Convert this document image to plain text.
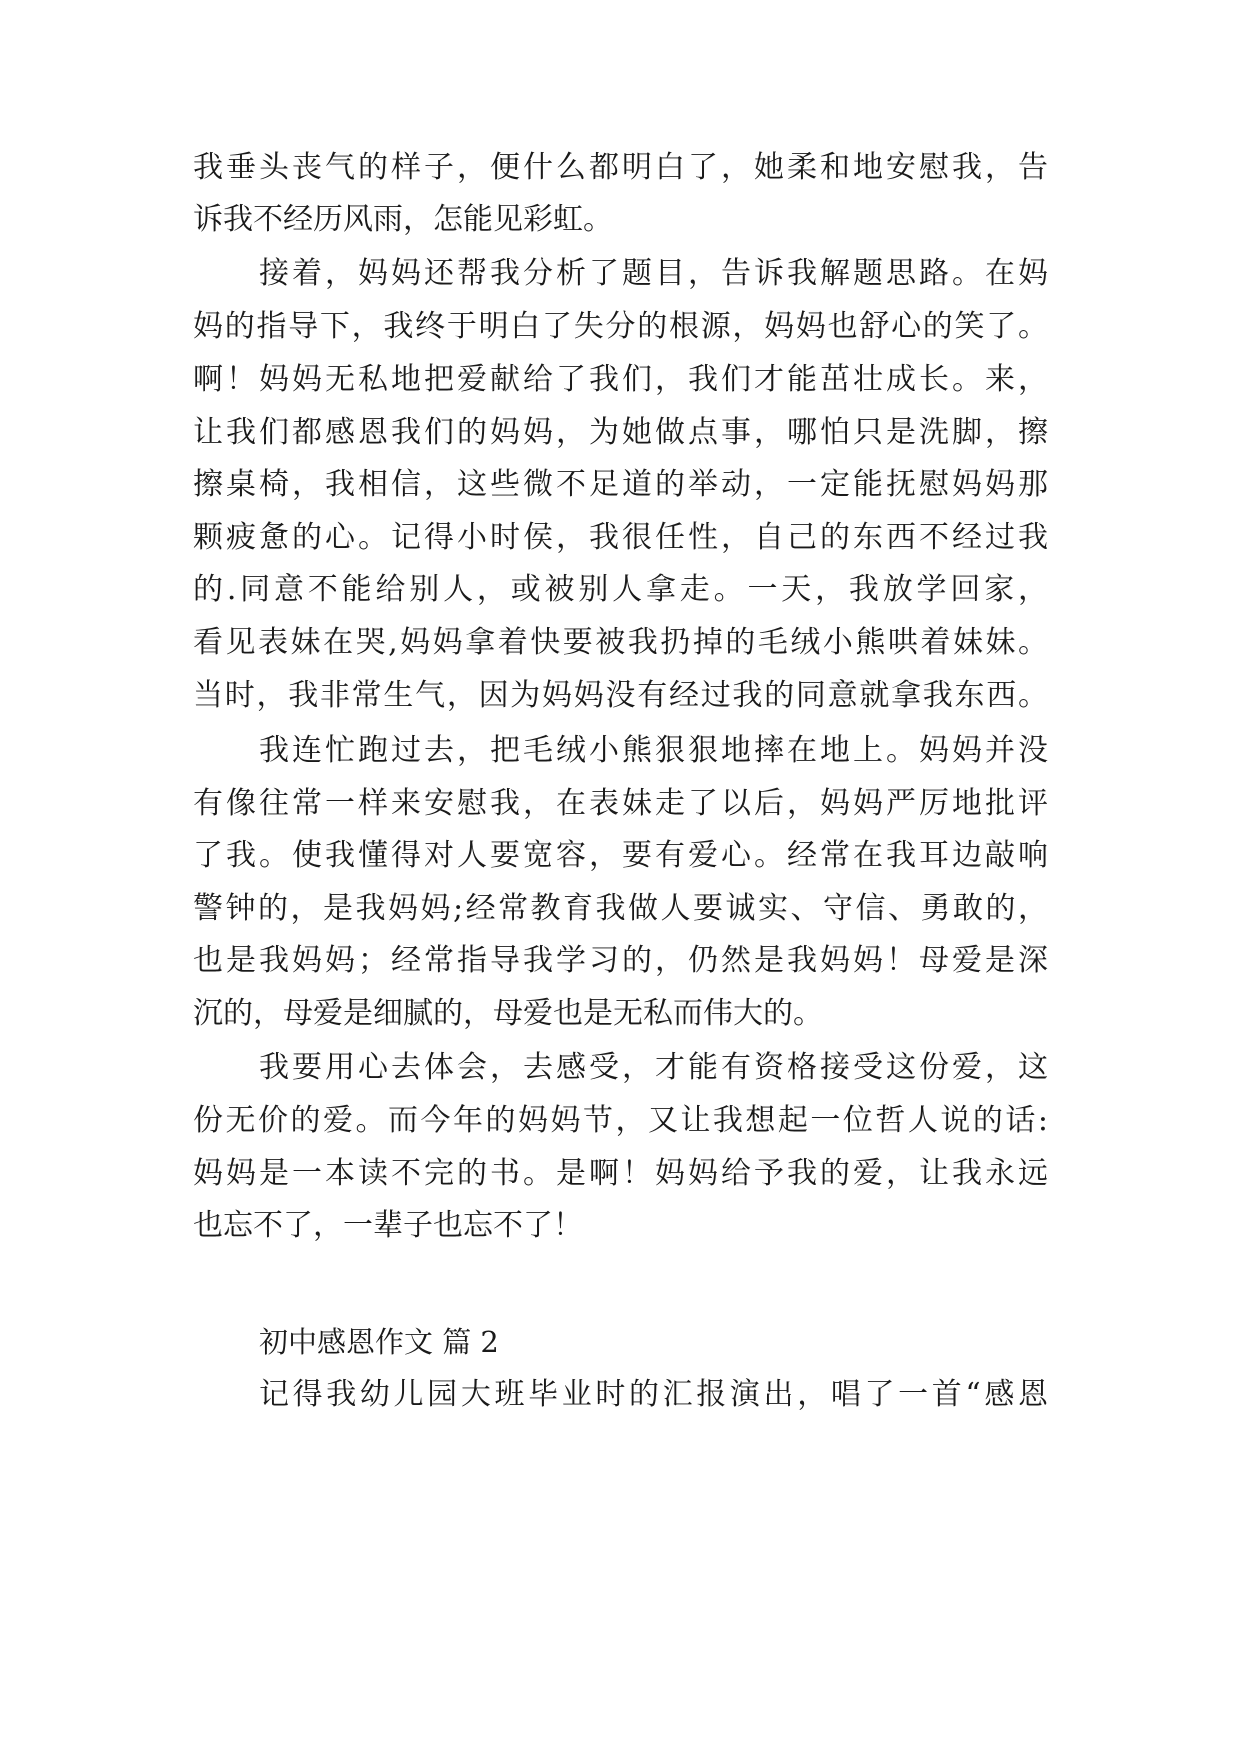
我垂头丧气的样子，便什么都明白了，她柔和地安慰我，告

诉我不经历风雨，怎能见彩虹。

接着，妈妈还帮我分析了题目，告诉我解题思路。在妈

妈的指导下，我终于明白了失分的根源，妈妈也舒心的笑了。

啊！妈妈无私地把爱献给了我们，我们才能茁壮成长。来，

让我们都感恩我们的妈妈，为她做点事，哪怕只是洗脚，擦

擦桌椅，我相信，这些微不足道的举动，一定能抚慰妈妈那

颗疲惫的心。记得小时侯，我很任性，自己的东西不经过我

的.同意不能给别人，或被别人拿走。一天，我放学回家，

看见表妹在哭,妈妈拿着快要被我扔掉的毛绒小熊哄着妹妹。

当时，我非常生气，因为妈妈没有经过我的同意就拿我东西。

我连忙跑过去，把毛绒小熊狠狠地摔在地上。妈妈并没

有像往常一样来安慰我，在表妹走了以后，妈妈严厉地批评

了我。使我懂得对人要宽容，要有爱心。经常在我耳边敲响

警钟的，是我妈妈;经常教育我做人要诚实、守信、勇敢的，

也是我妈妈；经常指导我学习的，仍然是我妈妈！母爱是深

沉的，母爱是细腻的，母爱也是无私而伟大的。

我要用心去体会，去感受，才能有资格接受这份爱，这

份无价的爱。而今年的妈妈节，又让我想起一位哲人说的话:

妈妈是一本读不完的书。是啊！妈妈给予我的爱，让我永远

也忘不了，一辈子也忘不了！

初中感恩作文 篇 2

记得我幼儿园大班毕业时的汇报演出，唱了一首“感恩
